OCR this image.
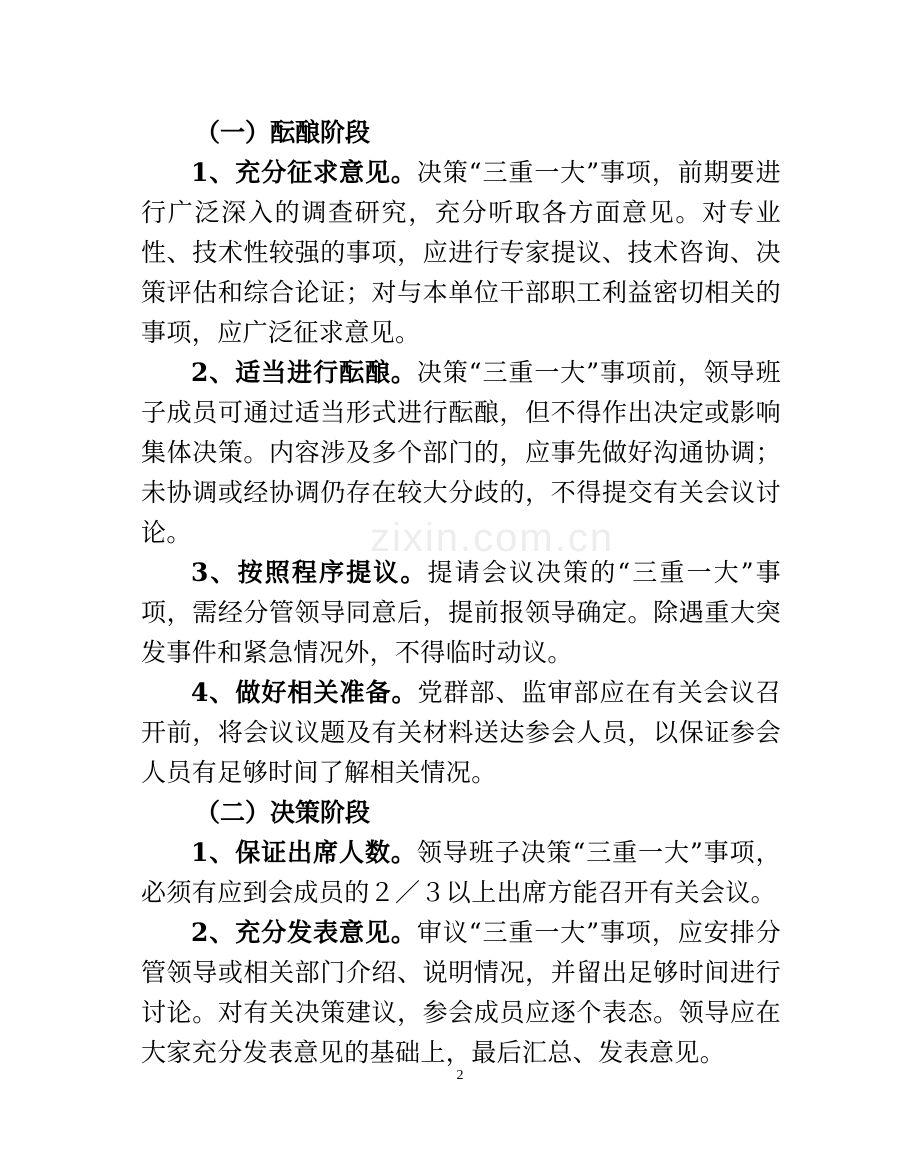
zixin.com.cn
（一）酝酿阶段

1、充分征求意见。决策“三重一大”事项，前期要进行广泛深入的调查研究，充分听取各方面意见。对专业性、技术性较强的事项，应进行专家提议、技术咨询、决策评估和综合论证；对与本单位干部职工利益密切相关的事项，应广泛征求意见。

2、适当进行酝酿。决策“三重一大”事项前，领导班子成员可通过适当形式进行酝酿，但不得作出决定或影响集体决策。内容涉及多个部门的，应事先做好沟通协调；未协调或经协调仍存在较大分歧的，不得提交有关会议讨论。

3、按照程序提议。提请会议决策的“三重一大”事项，需经分管领导同意后，提前报领导确定。除遇重大突发事件和紧急情况外，不得临时动议。

4、做好相关准备。党群部、监审部应在有关会议召开前，将会议议题及有关材料送达参会人员，以保证参会人员有足够时间了解相关情况。

（二）决策阶段

1、保证出席人数。领导班子决策“三重一大”事项，必须有应到会成员的２／３以上出席方能召开有关会议。

2、充分发表意见。审议“三重一大”事项，应安排分管领导或相关部门介绍、说明情况，并留出足够时间进行讨论。对有关决策建议，参会成员应逐个表态。领导应在大家充分发表意见的基础上，最后汇总、发表意见。

2
